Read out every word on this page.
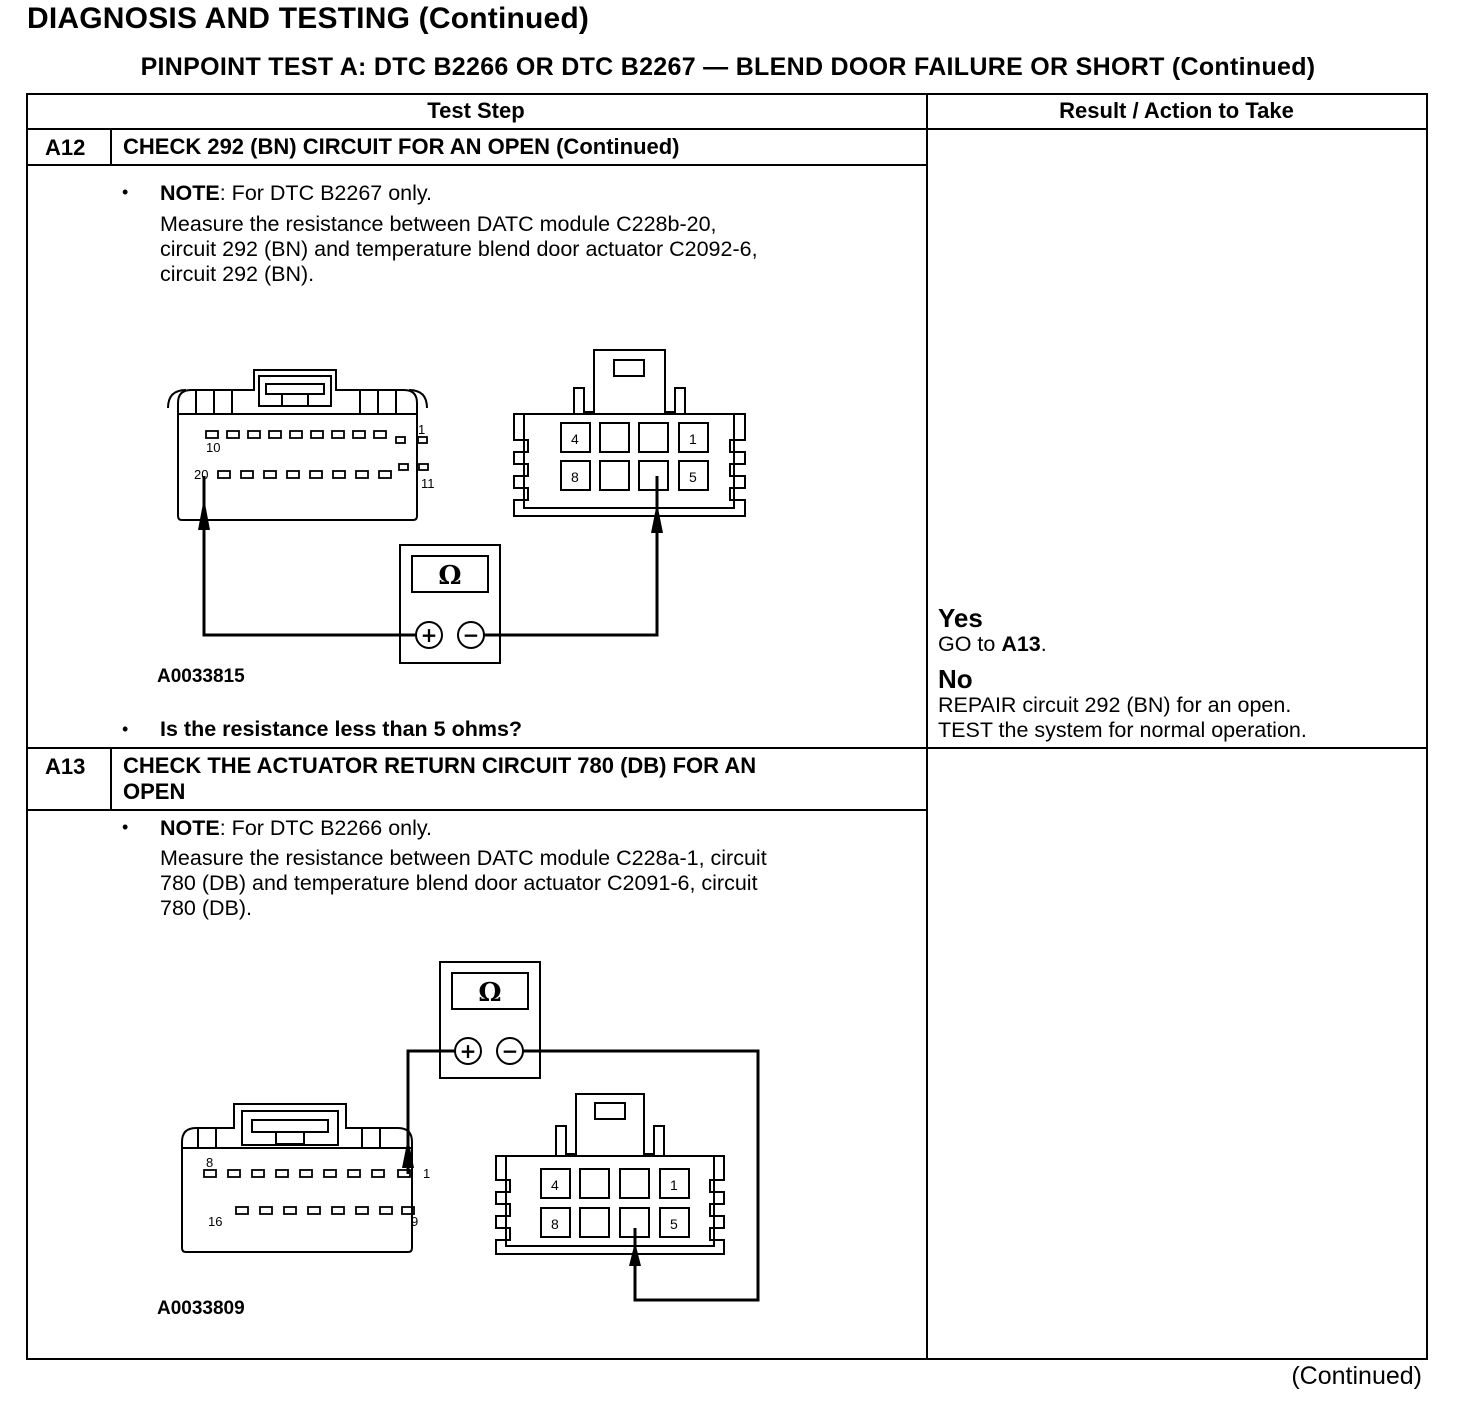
DIAGNOSIS AND TESTING (Continued)
PINPOINT TEST A: DTC B2266 OR DTC B2267 — BLEND DOOR FAILURE OR SHORT (Continued)
Test Step	Result / Action to Take
A12 CHECK 292 (BN) CIRCUIT FOR AN OPEN (Continued)
• NOTE: For DTC B2267 only.
Measure the resistance between DATC module C228b-20,
circuit 292 (BN) and temperature blend door actuator C2092-6,
circuit 292 (BN).
10
1
20
11
4	1
8	5
Ω
+ −
A0033815
• Is the resistance less than 5 ohms?
Yes
GO to A13.
No
REPAIR circuit 292 (BN) for an open.
TEST the system for normal operation.
A13 CHECK THE ACTUATOR RETURN CIRCUIT 780 (DB) FOR AN
OPEN
• NOTE: For DTC B2266 only.
Measure the resistance between DATC module C228a-1, circuit
780 (DB) and temperature blend door actuator C2091-6, circuit
780 (DB).
Ω
+ −
8
1
16	9
4	1
8	5
A0033809
(Continued)
